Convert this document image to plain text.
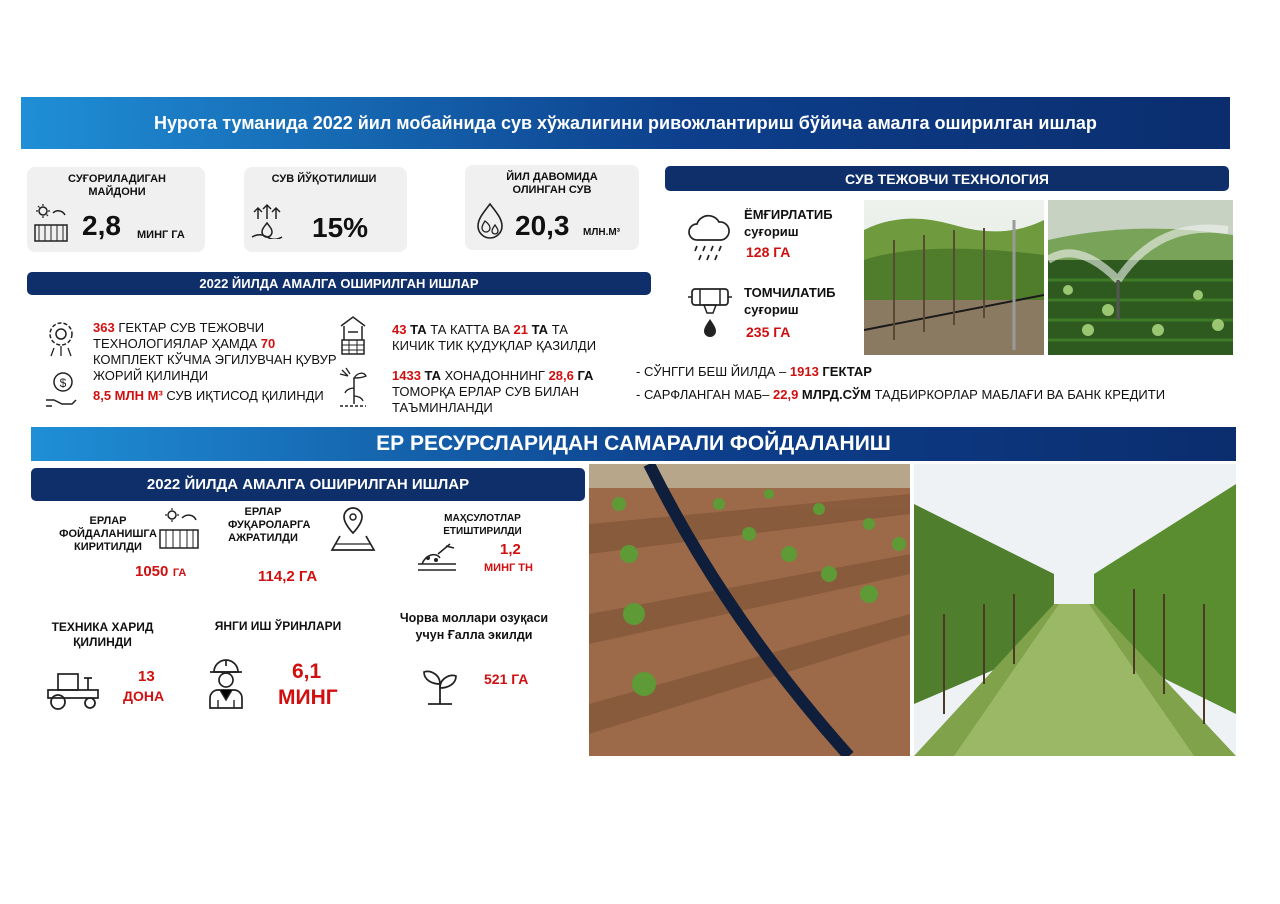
Нурота туманида 2022 йил мобайнида сув хўжалигини ривожлантириш бўйича амалга оширилган ишлар
СУҒОРИЛАДИГАН МАЙДОНИ
2,8 МИНГ ГА
СУВ ЙЎҚОТИЛИШИ
15%
ЙИЛ ДАВОМИДА ОЛИНГАН СУВ
20,3 МЛН.М³
2022 ЙИЛДА АМАЛГА ОШИРИЛГАН ИШЛАР
363 ГЕКТАР СУВ ТЕЖОВЧИ ТЕХНОЛОГИЯЛАР ҲАМДА 70 КОМПЛЕКТ КЎЧМА ЭГИЛУВЧАН ҚУВУР ЖОРИЙ ҚИЛИНДИ
$
8,5 МЛН М³ СУВ ИҚТИСОД ҚИЛИНДИ
43 ТА ТА КАТТА ВА 21 ТА ТА КИЧИК ТИК ҚУДУҚЛАР ҚАЗИЛДИ
1433 ТА ХОНАДОННИНГ 28,6 ГА ТОМОРҚА ЕРЛАР СУВ БИЛАН ТАЪМИНЛАНДИ
СУВ ТЕЖОВЧИ ТЕХНОЛОГИЯ
ЁМҒИРЛАТИБ
суғориш
128 ГА
ТОМЧИЛАТИБ
суғориш
235 ГА
- СЎНГГИ БЕШ ЙИЛДА – 1913 ГЕКТАР
- САРФЛАНГАН МАБ– 22,9 МЛРД.СЎМ ТАДБИРКОРЛАР МАБЛАҒИ ВА БАНК КРЕДИТИ
ЕР РЕСУРСЛАРИДАН САМАРАЛИ ФОЙДАЛАНИШ
2022 ЙИЛДА АМАЛГА ОШИРИЛГАН ИШЛАР
ЕРЛАР ФОЙДАЛАНИШГА КИРИТИЛДИ
1050 ГА
ЕРЛАР ФУҚАРОЛАРГА АЖРАТИЛДИ
114,2 ГА
МАҲСУЛОТЛАР ЕТИШТИРИЛДИ
1,2
МИНГ ТН
ТЕХНИКА ХАРИД ҚИЛИНДИ
13
ДОНА
ЯНГИ ИШ ЎРИНЛАРИ
6,1
МИНГ
Чорва моллари озуқаси учун Ғалла экилди
521 ГА
